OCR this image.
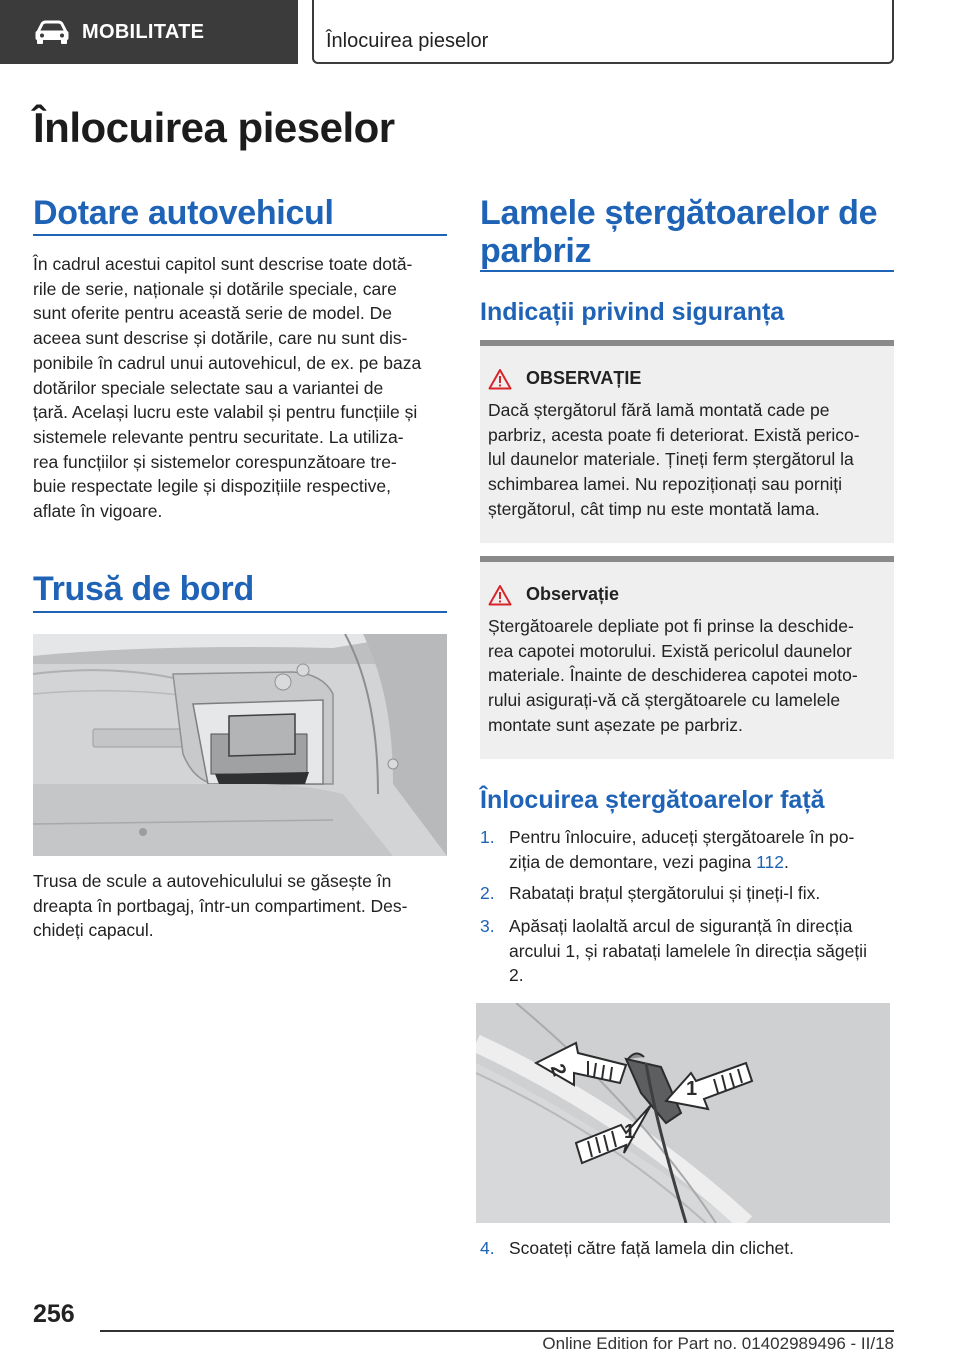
MOBILITATE	Înlocuirea pieselor
Înlocuirea pieselor
Dotare autovehicul
În cadrul acestui capitol sunt descrise toate dotă‐
rile de serie, naționale și dotările speciale, care
sunt oferite pentru această serie de model. De
aceea sunt descrise și dotările, care nu sunt dis‐
ponibile în cadrul unui autovehicul, de ex. pe baza
dotărilor speciale selectate sau a variantei de
țară. Același lucru este valabil și pentru funcțiile și
sistemele relevante pentru securitate. La utiliza‐
rea funcțiilor și sistemelor corespunzătoare tre‐
buie respectate legile și dispozițiile respective,
aflate în vigoare.
Trusă de bord
Trusa de scule a autovehiculului se găsește în
dreapta în portbagaj, într-un compartiment. Des‐
chideți capacul.
Lamele ștergătoarelor de
parbriz
Indicații privind siguranța
OBSERVAȚIE
Dacă ștergătorul fără lamă montată cade pe
parbriz, acesta poate fi deteriorat. Există perico‐
lul daunelor materiale. Țineți ferm ștergătorul la
schimbarea lamei. Nu repoziționați sau porniți
ștergătorul, cât timp nu este montată lama.
Observație
Ștergătoarele depliate pot fi prinse la deschide‐
rea capotei motorului. Există pericolul daunelor
materiale. Înainte de deschiderea capotei moto‐
rului asigurați-vă că ștergătoarele cu lamelele
montate sunt așezate pe parbriz.
Înlocuirea ștergătoarelor față
1. Pentru înlocuire, aduceți ștergătoarele în po‐
ziția de demontare, vezi pagina 112.
2. Rabatați brațul ștergătorului și țineți-l fix.
3. Apăsați laolaltă arcul de siguranță în direcția
arcului 1, și rabatați lamelele în direcția săgeții
2.
2
1
1
4. Scoateți către față lamela din clichet.
256
Online Edition for Part no. 01402989496 - II/18
